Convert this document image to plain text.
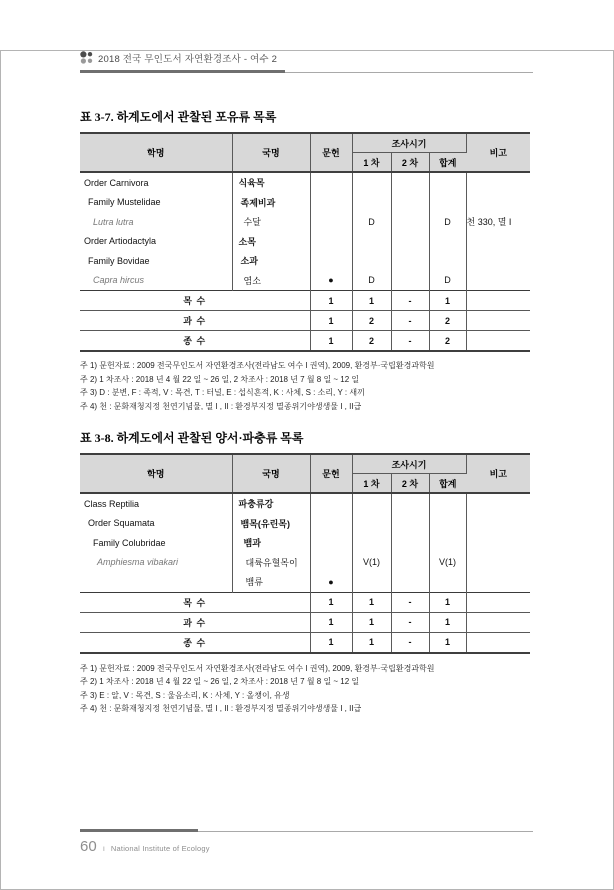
2018 전국 무인도서 자연환경조사 - 여수 2
표 3-7. 하계도에서 관찰된 포유류 목록
학명	국명	문헌	조사시기			비고
			1 차	2 차	합계	
Order Carnivora	식육목					
Family Mustelidae	족제비과					
Lutra lutra	수달		D		D	천 330, 멸 I
Order Artiodactyla	소목					
Family Bovidae	소과					
Capra hircus	염소	●	D		D	
목 수		1	1	-	1	
과 수		1	2	-	2	
종 수		1	2	-	2	
주 1) 문헌자료 : 2009 전국무인도서 자연환경조사(전라남도 여수 I 권역), 2009, 환경부·국립환경과학원
주 2) 1 차조사 : 2018 년 4 월 22 일 ~ 26 일, 2 차조사 : 2018 년 7 월 8 일 ~ 12 일
주 3) D : 분변, F : 족적, V : 목견, T : 터널, E : 섭식흔적, K : 사체, S : 소리, Y : 새끼
주 4) 천 : 문화재청지정 천연기념물, 멸 I , II : 환경부지정 멸종위기야생생물 I , II급
표 3-8. 하계도에서 관찰된 양서·파충류 목록
학명	국명	문헌	조사시기			비고
			1 차	2 차	합계	
Class Reptilia	파충류강					
Order Squamata	뱀목(유린목)					
Family Colubridae	뱀과					
Amphiesma vibakari	대륙유혈목이		V(1)		V(1)	
	뱀류	●				
목 수		1	1	-	1	
과 수		1	1	-	1	
종 수		1	1	-	1	
주 1) 문헌자료 : 2009 전국무인도서 자연환경조사(전라남도 여수 I 권역), 2009, 환경부·국립환경과학원
주 2) 1 차조사 : 2018 년 4 월 22 일 ~ 26 일, 2 차조사 : 2018 년 7 월 8 일 ~ 12 일
주 3) E : 알, V : 목견, S : 울음소리, K : 사체, Y : 올챙이, 유생
주 4) 천 : 문화재청지정 천연기념물, 멸 I , II : 환경부지정 멸종위기야생생물 I , II급
60 ı National Institute of Ecology
